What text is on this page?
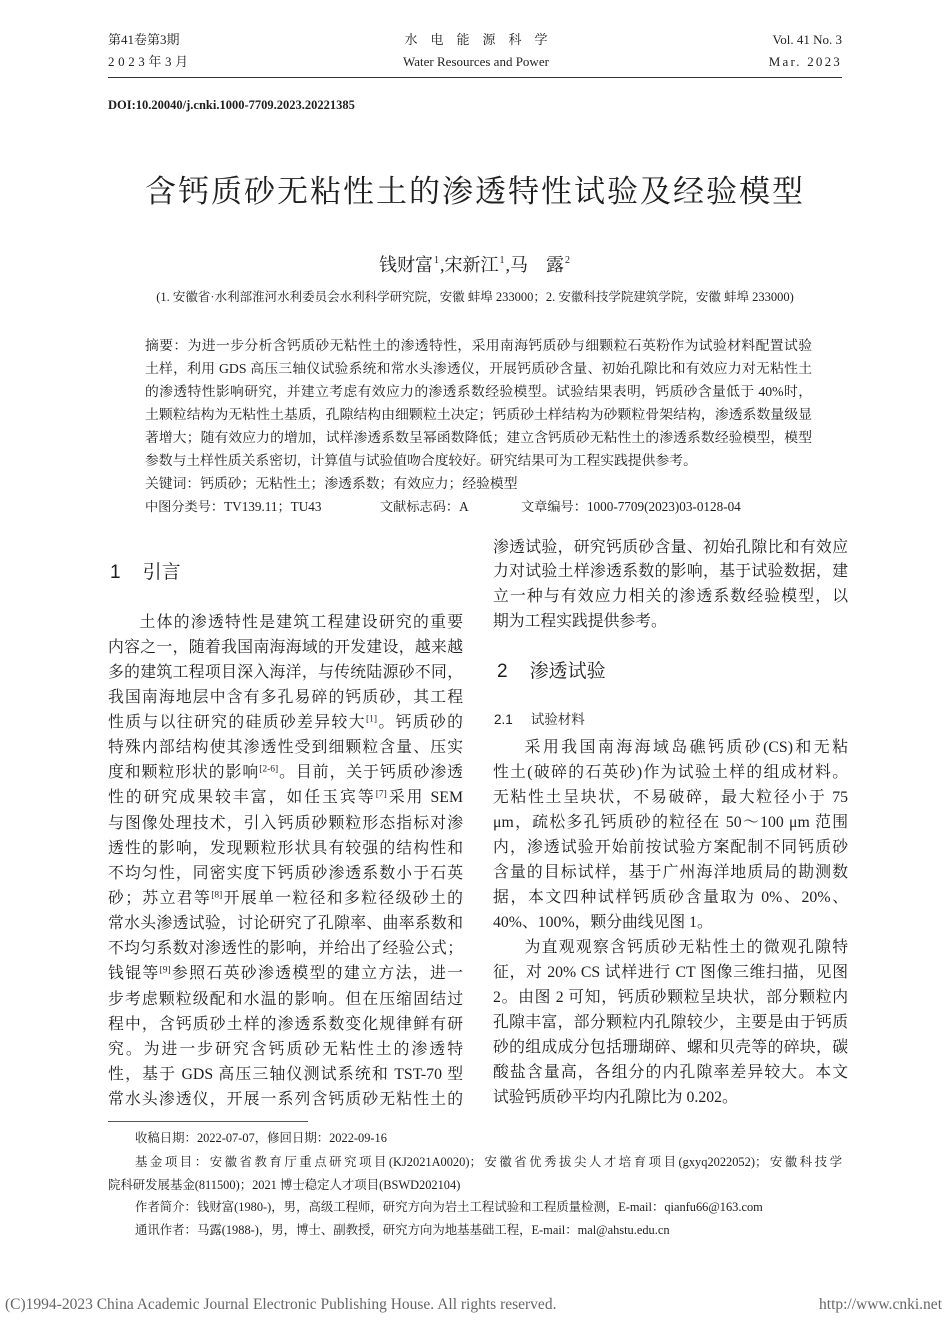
第41卷第3期
2023年3月
水电能源科学
Water Resources and Power
Vol. 41 No. 3
Mar. 2023
DOI:10.20040/j.cnki.1000-7709.2023.20221385
含钙质砂无粘性土的渗透特性试验及经验模型
钱财富$^1$,宋新江$^1$,马　露$^2$
(1. 安徽省·水利部淮河水利委员会水利科学研究院，安徽 蚌埠 233000；2. 安徽科技学院建筑学院，安徽 蚌埠 233000)
摘要：为进一步分析含钙质砂无粘性土的渗透特性，采用南海钙质砂与细颗粒石英粉作为试验材料配置试验
土样，利用 GDS 高压三轴仪试验系统和常水头渗透仪，开展钙质砂含量、初始孔隙比和有效应力对无粘性土
的渗透特性影响研究，并建立考虑有效应力的渗透系数经验模型。试验结果表明，钙质砂含量低于 40%时，
土颗粒结构为无粘性土基质，孔隙结构由细颗粒土决定；钙质砂土样结构为砂颗粒骨架结构，渗透系数量级显
著增大；随有效应力的增加，试样渗透系数呈幂函数降低；建立含钙质砂无粘性土的渗透系数经验模型，模型
参数与土样性质关系密切，计算值与试验值吻合度较好。研究结果可为工程实践提供参考。
关键词：钙质砂；无粘性土；渗透系数；有效应力；经验模型
中图分类号：TV139.11；TU43	文献标志码：A	文章编号：1000-7709(2023)03-0128-04
1 引言
土体的渗透特性是建筑工程建设研究的重要
内容之一，随着我国南海海域的开发建设，越来越
多的建筑工程项目深入海洋，与传统陆源砂不同，
我国南海地层中含有多孔易碎的钙质砂，其工程
性质与以往研究的硅质砂差异较大[1]。钙质砂的
特殊内部结构使其渗透性受到细颗粒含量、压实
度和颗粒形状的影响[2-6]。目前，关于钙质砂渗透
性的研究成果较丰富，如任玉宾等[7]采用 SEM
与图像处理技术，引入钙质砂颗粒形态指标对渗
透性的影响，发现颗粒形状具有较强的结构性和
不均匀性，同密实度下钙质砂渗透系数小于石英
砂；苏立君等[8]开展单一粒径和多粒径级砂土的
常水头渗透试验，讨论研究了孔隙率、曲率系数和
不均匀系数对渗透性的影响，并给出了经验公式；
钱锟等[9]参照石英砂渗透模型的建立方法，进一
步考虑颗粒级配和水温的影响。但在压缩固结过
程中，含钙质砂土样的渗透系数变化规律鲜有研
究。为进一步研究含钙质砂无粘性土的渗透特
性，基于 GDS 高压三轴仪测试系统和 TST-70 型
常水头渗透仪，开展一系列含钙质砂无粘性土的
渗透试验，研究钙质砂含量、初始孔隙比和有效应
力对试验土样渗透系数的影响，基于试验数据，建
立一种与有效应力相关的渗透系数经验模型，以
期为工程实践提供参考。
2 渗透试验
2.1 试验材料
采用我国南海海域岛礁钙质砂(CS)和无粘
性土(破碎的石英砂)作为试验土样的组成材料。
无粘性土呈块状，不易破碎，最大粒径小于 75
μm，疏松多孔钙质砂的粒径在 50～100 μm 范围
内，渗透试验开始前按试验方案配制不同钙质砂
含量的目标试样，基于广州海洋地质局的勘测数
据，本文四种试样钙质砂含量取为 0%、20%、
40%、100%，颗分曲线见图 1。
为直观观察含钙质砂无粘性土的微观孔隙特
征，对 20% CS 试样进行 CT 图像三维扫描，见图
2。由图 2 可知，钙质砂颗粒呈块状，部分颗粒内
孔隙丰富，部分颗粒内孔隙较少，主要是由于钙质
砂的组成成分包括珊瑚碎、螺和贝壳等的碎块，碳
酸盐含量高，各组分的内孔隙率差异较大。本文
试验钙质砂平均内孔隙比为 0.202。
收稿日期：2022-07-07，修回日期：2022-09-16
基金项目：安徽省教育厅重点研究项目(KJ2021A0020)；安徽省优秀拔尖人才培育项目(gxyq2022052)；安徽科技学
院科研发展基金(811500)；2021 博士稳定人才项目(BSWD202104)
作者简介：钱财富(1980-)，男，高级工程师，研究方向为岩土工程试验和工程质量检测，E-mail：qianfu66@163.com
通讯作者：马露(1988-)，男，博士、副教授，研究方向为地基基础工程，E-mail：mal@ahstu.edu.cn
(C)1994-2023 China Academic Journal Electronic Publishing House. All rights reserved.	http://www.cnki.net
